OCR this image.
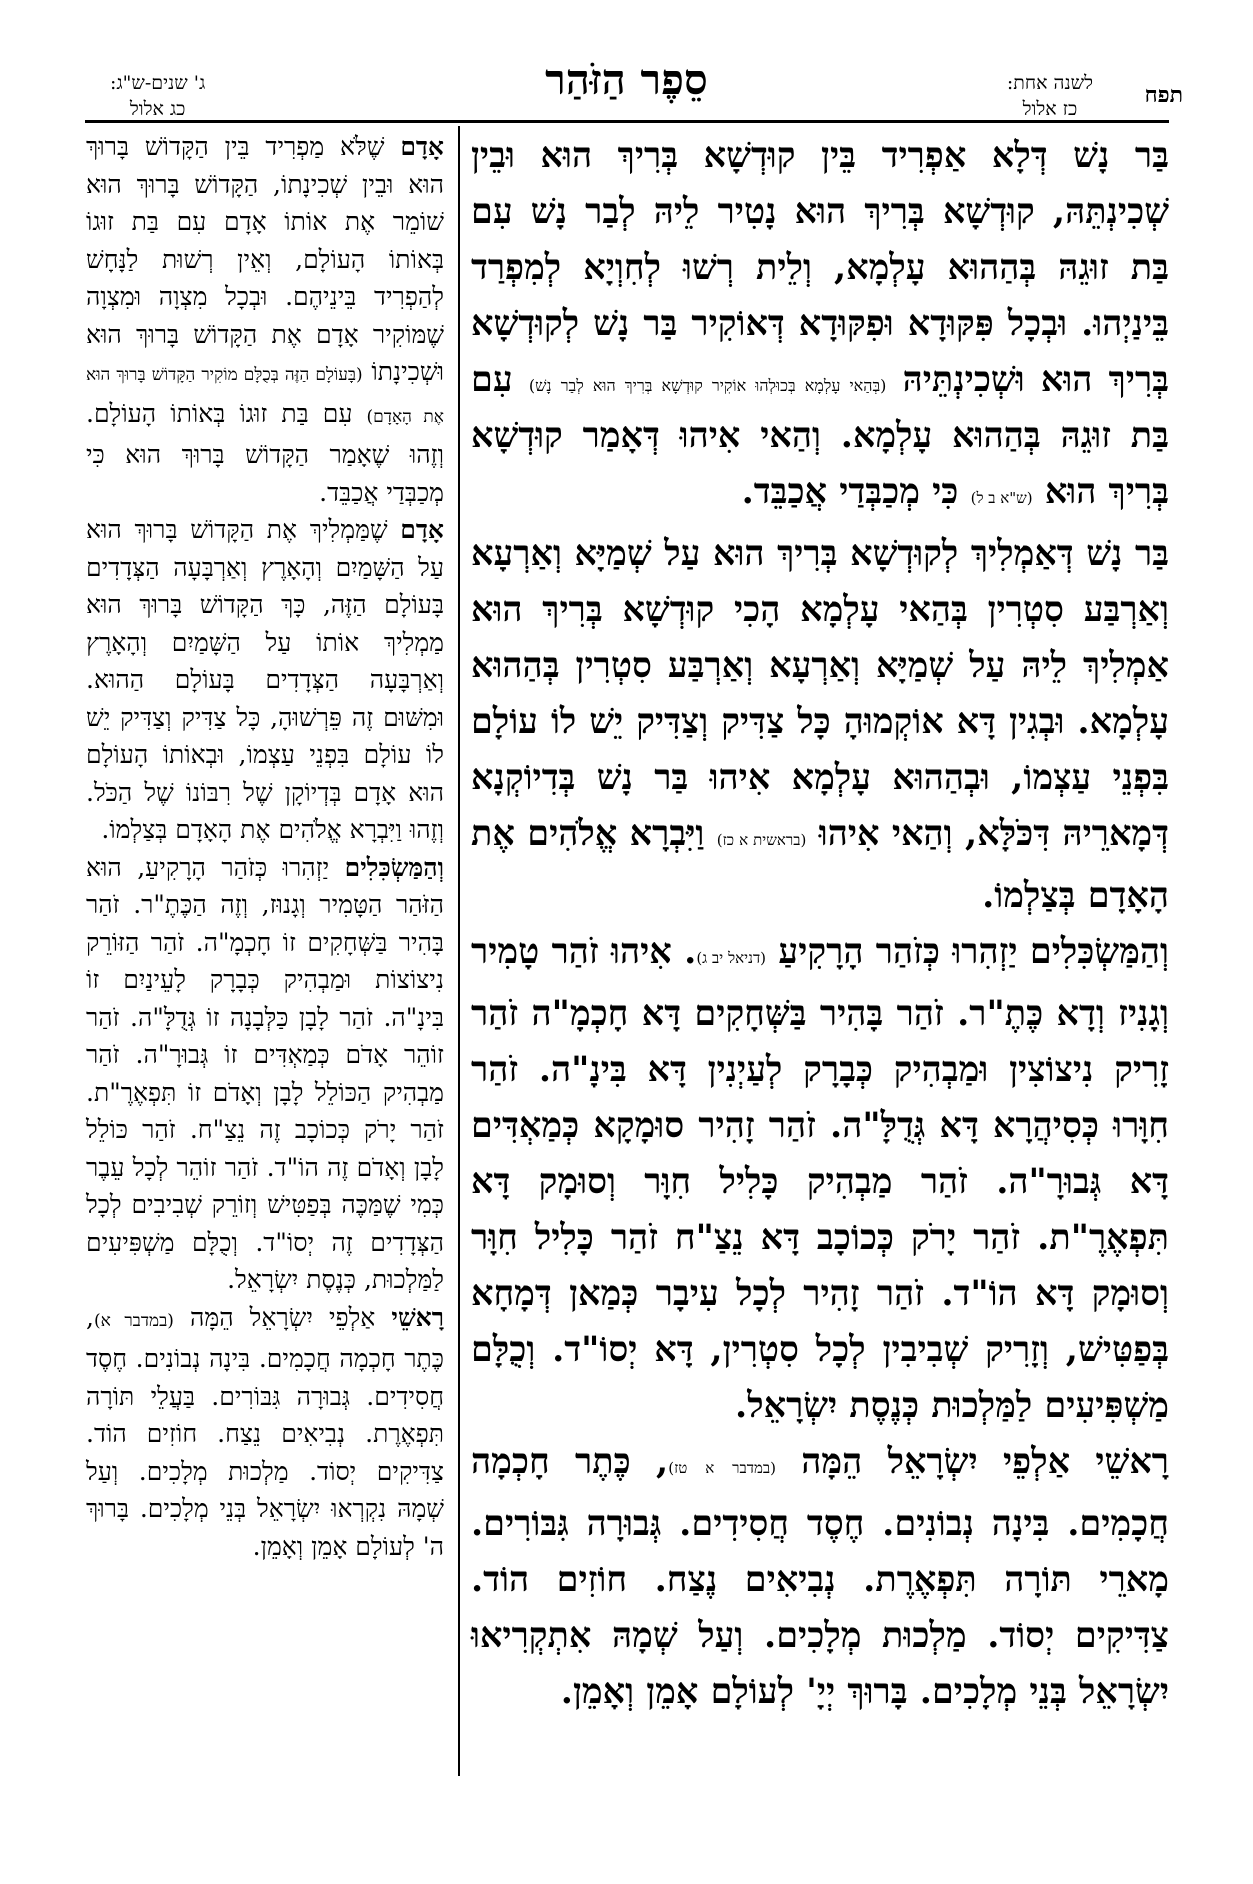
תפח
לשנה אחת:
כז אלול
סֵפֶר הַזֹּהַר
ג' שנים-ש"ג:
כג אלול

בַּר נָשׁ דְּלָא אַפְרִיד בֵּין קוּדְשָׁא בְּרִיךְ הוּא וּבֵין שְׁכִינְתֵּהּ, קוּדְשָׁא בְּרִיךְ הוּא נָטִיר לֵיהּ לְבַר נָשׁ עִם בַּת זוּגֵהּ בְּהַהוּא עָלְמָא, וְלֵית רְשׁוּ לְחִוְיָא לְמִפְרַד בֵּינַיְהוּ. וּבְכָל פִּקּוּדָא וּפִקּוּדָא דְּאוֹקִיר בַּר נָשׁ לְקוּדְשָׁא בְּרִיךְ הוּא וּשְׁכִינְתֵּיהּ (בְּהַאי עָלְמָא בְּכוּלְהוּ אוֹקִיר קוּדְשָׁא בְּרִיךְ הוּא לְבַר נָשׁ) עִם בַּת זוּגֵהּ בְּהַהוּא עָלְמָא. וְהַאי אִיהוּ דְּאָמַר קוּדְשָׁא בְּרִיךְ הוּא (ש"א ב ל) כִּי מְכַבְּדַי אֲכַבֵּד.

בַּר נָשׁ דְּאַמְלִיךְ לְקוּדְשָׁא בְּרִיךְ הוּא עַל שְׁמַיָּא וְאַרְעָא וְאַרְבַּע סִטְרִין בְּהַאי עָלְמָא הָכִי קוּדְשָׁא בְּרִיךְ הוּא אַמְלִיךְ לֵיהּ עַל שְׁמַיָּא וְאַרְעָא וְאַרְבַּע סִטְרִין בְּהַהוּא עָלְמָא. וּבְגִין דָּא אוֹקְמוּהָ כָּל צַדִּיק וְצַדִּיק יֵשׁ לוֹ עוֹלָם בִּפְנֵי עַצְמוֹ, וּבְהַהוּא עָלְמָא אִיהוּ בַּר נָשׁ בְּדִיוֹקְנָא דְּמָארֵיהּ דִּכֹּלָּא, וְהַאי אִיהוּ (בראשית א כז) וַיִּבְרָא אֱלֹהִים אֶת הָאָדָם בְּצַלְמוֹ.

וְהַמַּשְׂכִּלִים יַזְהִרוּ כְּזֹהַר הָרָקִיעַ (דניאל יב ג). אִיהוּ זֹהַר טָמִיר וְגָנִיז וְדָא כֶּתֶ"ר. זֹהַר בָּהִיר בַּשְּׁחָקִים דָּא חָכְמָ"ה זֹהַר זָרִיק נִיצוֹצִין וּמַבְהִיק כְּבָרָק לְעַיְנִין דָּא בִּינָ"ה. זֹהַר חִוָּרוּ כְּסִיהֲרָא דָּא גְּדֻלָּ"ה. זֹהַר זָהִיר סוּמָקָא כְּמַאְדִּים דָּא גְּבוּרָ"ה. זֹהַר מַבְהִיק כָּלִיל חִוָּר וְסוּמָק דָּא תִּפְאֶרֶ"ת. זֹהַר יָרֹק כְּכוֹכָב דָּא נֵצַ"ח זֹהַר כָּלִיל חִוָּר וְסוּמָק דָּא הוֹ"ד. זֹהַר זָהִיר לְכָל עִיבָר כְּמַאן דְּמָחָא בְּפַטִּישׁ, וְזָרִיק שְׁבִיבִין לְכָל סִטְרִין, דָּא יְסוֹ"ד. וְכֻלָּם מַשְׁפִּיעִים לַמַּלְכוּת כְּנֶסֶת יִשְׂרָאֵל.

רָאשֵׁי אַלְפֵי יִשְׂרָאֵל הֵמָּה (במדבר א טז), כֶּתֶר חָכְמָה חֲכָמִים. בִּינָה נְבוֹנִים. חֶסֶד חֲסִידִים. גְּבוּרָה גִּבּוֹרִים. מָארֵי תּוֹרָה תִּפְאֶרֶת. נְבִיאִים נֶצַח. חוֹזִים הוֹד. צַדִּיקִים יְסוֹד. מַלְכוּת מְלָכִים. וְעַל שְׁמָהּ אִתְקְרִיאוּ יִשְׂרָאֵל בְּנֵי מְלָכִים. בָּרוּךְ יְיָ' לְעוֹלָם אָמֵן וְאָמֵן.

אָדָם שֶׁלֹּא מַפְרִיד בֵּין הַקָּדוֹשׁ בָּרוּךְ הוּא וּבֵין שְׁכִינָתוֹ, הַקָּדוֹשׁ בָּרוּךְ הוּא שׁוֹמֵר אֶת אוֹתוֹ אָדָם עִם בַּת זוּגוֹ בְּאוֹתוֹ הָעוֹלָם, וְאֵין רְשׁוּת לַנָּחָשׁ לְהַפְרִיד בֵּינֵיהֶם. וּבְכָל מִצְוָה וּמִצְוָה שֶׁמּוֹקִיר אָדָם אֶת הַקָּדוֹשׁ בָּרוּךְ הוּא וּשְׁכִינָתוֹ (בָּעוֹלָם הַזֶּה בְּכֻלָּם מוֹקִיר הַקָּדוֹשׁ בָּרוּךְ הוּא אֶת הָאָדָם) עִם בַּת זוּגוֹ בְּאוֹתוֹ הָעוֹלָם. וְזֶהוּ שֶׁאָמַר הַקָּדוֹשׁ בָּרוּךְ הוּא כִּי מְכַבְּדַי אֲכַבֵּד.

אָדָם שֶׁמַּמְלִיךְ אֶת הַקָּדוֹשׁ בָּרוּךְ הוּא עַל הַשָּׁמַיִם וְהָאָרֶץ וְאַרְבָּעָה הַצְּדָדִים בָּעוֹלָם הַזֶּה, כָּךְ הַקָּדוֹשׁ בָּרוּךְ הוּא מַמְלִיךְ אוֹתוֹ עַל הַשָּׁמַיִם וְהָאָרֶץ וְאַרְבָּעָה הַצְּדָדִים בָּעוֹלָם הַהוּא. וּמִשּׁוּם זֶה פֵּרְשׁוּהָ, כָּל צַדִּיק וְצַדִּיק יֵשׁ לוֹ עוֹלָם בִּפְנֵי עַצְמוֹ, וּבְאוֹתוֹ הָעוֹלָם הוּא אָדָם בְּדְיוֹקָן שֶׁל רִבּוֹנוֹ שֶׁל הַכֹּל. וְזֶהוּ וַיִּבְרָא אֱלֹהִים אֶת הָאָדָם בְּצַלְמוֹ.

וְהַמַּשְׂכִּלִים יַזְהִרוּ כְּזֹהַר הָרָקִיעַ, הוּא הַזֹּהַר הַטָּמִיר וְגָנוּז, וְזֶה הַכֶּתֶ"ר. זֹהַר בָּהִיר בַּשְּׁחָקִים זוֹ חָכְמָ"ה. זֹהַר הַזּוֹרֵק נִיצוֹצוֹת וּמַבְהִיק כְּבָרָק לָעֵינַיִם זוֹ בִּינָ"ה. זֹהַר לָבָן כַּלְּבָנָה זוֹ גְּדֻלָּ"ה. זֹהַר זוֹהֵר אָדֹם כְּמַאְדִּים זוֹ גְּבוּרָ"ה. זֹהַר מַבְהִיק הַכּוֹלֵל לָבָן וְאָדֹם זוֹ תִּפְאֶרֶ"ת. זֹהַר יָרֹק כְּכוֹכָב זֶה נֵצַ"ח. זֹהַר כּוֹלֵל לָבָן וְאָדֹם זֶה הוֹ"ד. זֹהַר זוֹהֵר לְכָל עֵבֶר כְּמִי שֶׁמַּכֶּה בְּפַטִּישׁ וְזוֹרֵק שְׁבִיבִים לְכָל הַצְּדָדִים זֶה יְסוֹ"ד. וְכֻלָּם מַשְׁפִּיעִים לַמַּלְכוּת, כְּנֶסֶת יִשְׂרָאֵל.

רָאשֵׁי אַלְפֵי יִשְׂרָאֵל הֵמָּה (במדבר א), כֶּתֶר חָכְמָה חֲכָמִים. בִּינָה נְבוֹנִים. חֶסֶד חֲסִידִים. גְּבוּרָה גִּבּוֹרִים. בַּעֲלֵי תּוֹרָה תִּפְאֶרֶת. נְבִיאִים נֵצַח. חוֹזִים הוֹד. צַדִּיקִים יְסוֹד. מַלְכוּת מְלָכִים. וְעַל שְׁמָהּ נִקְרְאוּ יִשְׂרָאֵל בְּנֵי מְלָכִים. בָּרוּךְ ה' לְעוֹלָם אָמֵן וְאָמֵן.
